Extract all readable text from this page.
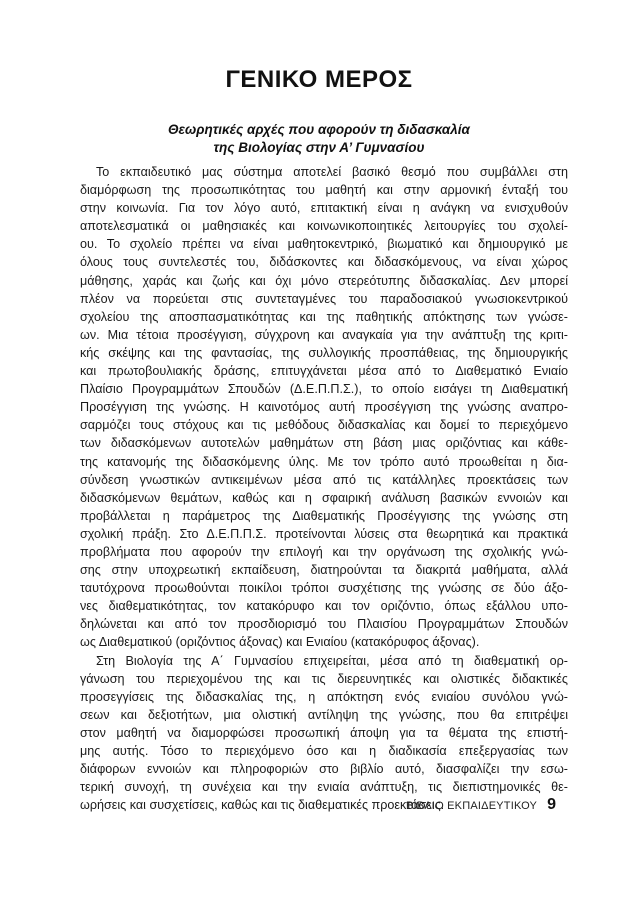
ΓΕΝΙΚΟ ΜΕΡΟΣ
Θεωρητικές αρχές που αφορούν τη διδασκαλία
της Βιολογίας στην Α’ Γυμνασίου
Το εκπαιδευτικό μας σύστημα αποτελεί βασικό θεσμό που συμβάλλει στη
διαμόρφωση της προσωπικότητας του μαθητή και στην αρμονική ένταξή του
στην κοινωνία. Για τον λόγο αυτό, επιτακτική είναι η ανάγκη να ενισχυθούν
αποτελεσματικά οι μαθησιακές και κοινωνικοποιητικές λειτουργίες του σχολεί-
ου. Το σχολείο πρέπει να είναι μαθητοκεντρικό, βιωματικό και δημιουργικό με
όλους τους συντελεστές του, διδάσκοντες και διδασκόμενους, να είναι χώρος
μάθησης, χαράς και ζωής και όχι μόνο στερεότυπης διδασκαλίας. Δεν μπορεί
πλέον να πορεύεται στις συντεταγμένες του παραδοσιακού γνωσιοκεντρικού
σχολείου της αποσπασματικότητας και της παθητικής απόκτησης των γνώσε-
ων. Μια τέτοια προσέγγιση, σύγχρονη και αναγκαία για την ανάπτυξη της κριτι-
κής σκέψης και της φαντασίας, της συλλογικής προσπάθειας, της δημιουργικής
και πρωτοβουλιακής δράσης, επιτυγχάνεται μέσα από το Διαθεματικό Ενιαίο
Πλαίσιο Προγραμμάτων Σπουδών (Δ.Ε.Π.Π.Σ.), το οποίο εισάγει τη Διαθεματική
Προσέγγιση της γνώσης. Η καινοτόμος αυτή προσέγγιση της γνώσης αναπρο-
σαρμόζει τους στόχους και τις μεθόδους διδασκαλίας και δομεί το περιεχόμενο
των διδασκόμενων αυτοτελών μαθημάτων στη βάση μιας οριζόντιας και κάθε-
της κατανομής της διδασκόμενης ύλης. Με τον τρόπο αυτό προωθείται η δια-
σύνδεση γνωστικών αντικειμένων μέσα από τις κατάλληλες προεκτάσεις των
διδασκόμενων θεμάτων, καθώς και η σφαιρική ανάλυση βασικών εννοιών και
προβάλλεται η παράμετρος της Διαθεματικής Προσέγγισης της γνώσης στη
σχολική πράξη. Στο Δ.Ε.Π.Π.Σ. προτείνονται λύσεις στα θεωρητικά και πρακτικά
προβλήματα που αφορούν την επιλογή και την οργάνωση της σχολικής γνώ-
σης στην υποχρεωτική εκπαίδευση, διατηρούνται τα διακριτά μαθήματα, αλλά
ταυτόχρονα προωθούνται ποικίλοι τρόποι συσχέτισης της γνώσης σε δύο άξο-
νες διαθεματικότητας, τον κατακόρυφο και τον οριζόντιο, όπως εξάλλου υπο-
δηλώνεται και από τον προσδιορισμό του Πλαισίου Προγραμμάτων Σπουδών
ως Διαθεματικού (οριζόντιος άξονας) και Ενιαίου (κατακόρυφος άξονας).
Στη Βιολογία της Α΄ Γυμνασίου επιχειρείται, μέσα από τη διαθεματική ορ-
γάνωση του περιεχομένου της και τις διερευνητικές και ολιστικές διδακτικές
προσεγγίσεις της διδασκαλίας της, η απόκτηση ενός ενιαίου συνόλου γνώ-
σεων και δεξιοτήτων, μια ολιστική αντίληψη της γνώσης, που θα επιτρέψει
στον μαθητή να διαμορφώσει προσωπική άποψη για τα θέματα της επιστή-
μης αυτής. Τόσο το περιεχόμενο όσο και η διαδικασία επεξεργασίας των
διάφορων εννοιών και πληροφοριών στο βιβλίο αυτό, διασφαλίζει την εσω-
τερική συνοχή, τη συνέχεια και την ενιαία ανάπτυξη, τις διεπιστημονικές θε-
ωρήσεις και συσχετίσεις, καθώς και τις διαθεματικές προεκτάσεις.
ΒΙΒΛΙΟ ΕΚΠΑΙΔΕΥΤΙΚΟΥ 9
